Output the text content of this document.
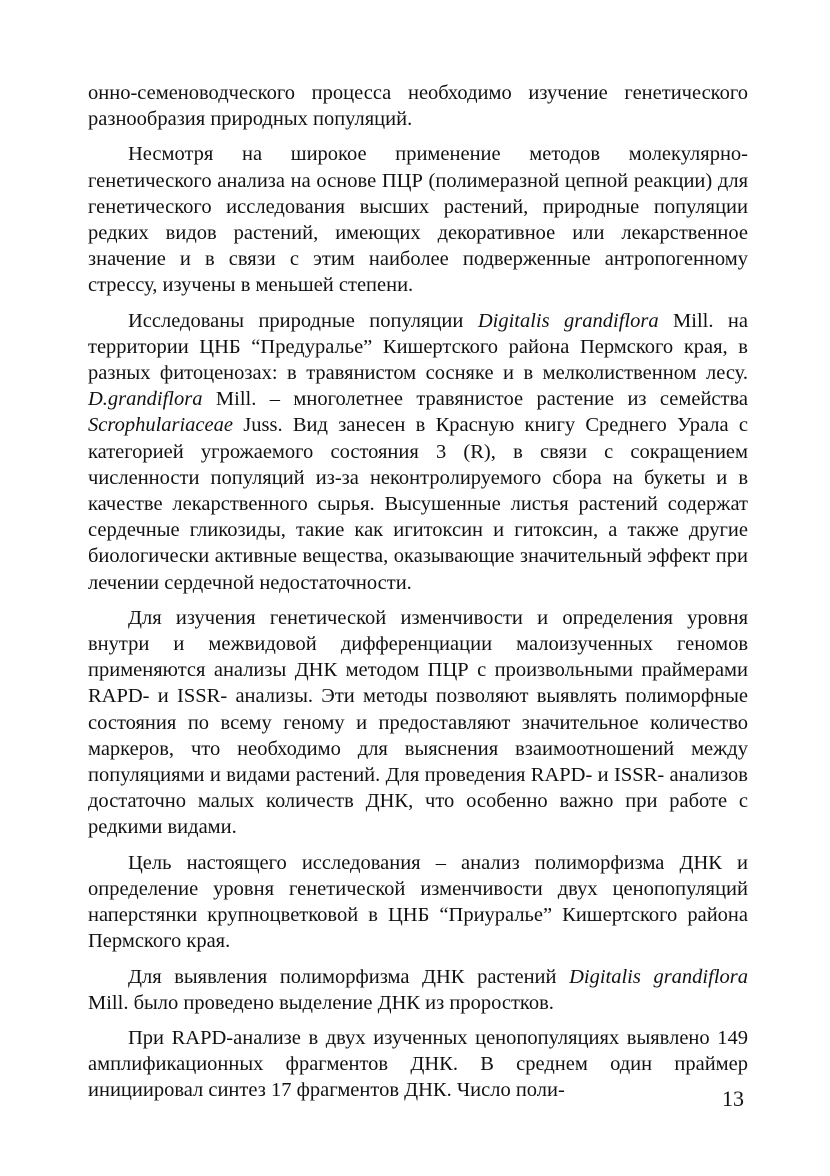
онно-семеноводческого процесса необходимо изучение генетического разнообразия природных популяций.

Несмотря на широкое применение методов молекулярно-генетического анализа на основе ПЦР (полимеразной цепной реакции) для генетического исследования высших растений, природные популяции редких видов растений, имеющих декоративное или лекарственное значение и в связи с этим наиболее подверженные антропогенному стрессу, изучены в меньшей степени.

Исследованы природные популяции Digitalis grandiflora Mill. на территории ЦНБ “Предуралье” Кишертского района Пермского края, в разных фитоценозах: в травянистом сосняке и в мелколиственном лесу. D.grandiflora Mill. – многолетнее травянистое растение из семейства Scrophulariaceae Juss. Вид занесен в Красную книгу Среднего Урала с категорией угрожаемого состояния 3 (R), в связи с сокращением численности популяций из-за неконтролируемого сбора на букеты и в качестве лекарственного сырья. Высушенные листья растений содержат сердечные гликозиды, такие как игитоксин и гитоксин, а также другие биологически активные вещества, оказывающие значительный эффект при лечении сердечной недостаточности.

Для изучения генетической изменчивости и определения уровня внутри и межвидовой дифференциации малоизученных геномов применяются анализы ДНК методом ПЦР с произвольными праймерами RAPD- и ISSR- анализы. Эти методы позволяют выявлять полиморфные состояния по всему геному и предоставляют значительное количество маркеров, что необходимо для выяснения взаимоотношений между популяциями и видами растений. Для проведения RAPD- и ISSR- анализов достаточно малых количеств ДНК, что особенно важно при работе с редкими видами.

Цель настоящего исследования – анализ полиморфизма ДНК и определение уровня генетической изменчивости двух ценопопуляций наперстянки крупноцветковой в ЦНБ “Приуралье” Кишертского района Пермского края.

Для выявления полиморфизма ДНК растений Digitalis grandiflora Mill. было проведено выделение ДНК из проростков.

При RAPD-анализе в двух изученных ценопопуляциях выявлено 149 амплификационных фрагментов ДНК. В среднем один праймер инициировал синтез 17 фрагментов ДНК. Число поли-	13
